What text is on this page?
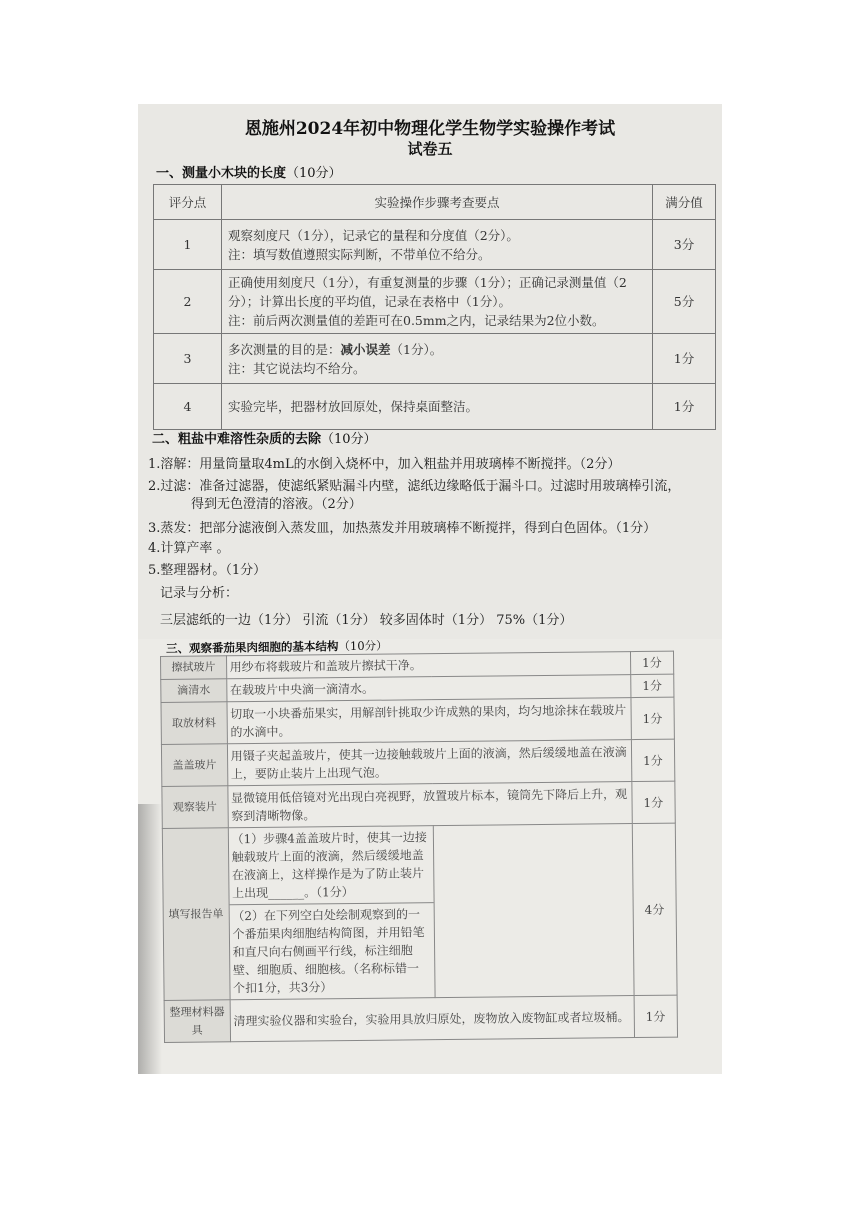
恩施州2024年初中物理化学生物学实验操作考试
试卷五
一、测量小木块的长度（10分）
评分点	实验操作步骤考查要点	满分值
1	观察刻度尺（1分），记录它的量程和分度值（2分）。
注：填写数值遵照实际判断，不带单位不给分。	3分
2	正确使用刻度尺（1分），有重复测量的步骤（1分）；正确记录测量值（2分）；计算出长度的平均值，记录在表格中（1分）。
注：前后两次测量值的差距可在0.5mm之内，记录结果为2位小数。	5分
3	多次测量的目的是：减小误差（1分）。
注：其它说法均不给分。	1分
4	实验完毕，把器材放回原处，保持桌面整洁。	1分
二、粗盐中难溶性杂质的去除（10分）
1.溶解：用量筒量取4mL的水倒入烧杯中，加入粗盐并用玻璃棒不断搅拌。（2分）
2.过滤：准备过滤器，使滤纸紧贴漏斗内壁，滤纸边缘略低于漏斗口。过滤时用玻璃棒引流，
得到无色澄清的溶液。（2分）
3.蒸发：把部分滤液倒入蒸发皿，加热蒸发并用玻璃棒不断搅拌，得到白色固体。（1分）
4.计算产率 。
5.整理器材。（1分）
记录与分析：
三层滤纸的一边（1分） 引流（1分） 较多固体时（1分） 75%（1分）
三、观察番茄果肉细胞的基本结构（10分）
擦拭玻片	用纱布将载玻片和盖玻片擦拭干净。		1分
滴清水	在载玻片中央滴一滴清水。		1分
取放材料	切取一小块番茄果实，用解剖针挑取少许成熟的果肉，均匀地涂抹在载玻片的水滴中。		1分
盖盖玻片	用镊子夹起盖玻片，使其一边接触载玻片上面的液滴，然后缓缓地盖在液滴上，要防止装片上出现气泡。		1分
观察装片	显微镜用低倍镜对光出现白亮视野，放置玻片标本，镜筒先下降后上升，观察到清晰物像。		1分
填写报告单	（1）步骤4盖盖玻片时，使其一边接触载玻片上面的液滴，然后缓缓地盖在液滴上，这样操作是为了防止装片上出现______。（1分）
（2）在下列空白处绘制观察到的一个番茄果肉细胞结构简图，并用铅笔和直尺向右侧画平行线，标注细胞壁、细胞质、细胞核。（名称标错一个扣1分，共3分）		4分
整理材料器具	清理实验仪器和实验台，实验用具放归原处，废物放入废物缸或者垃圾桶。		1分
